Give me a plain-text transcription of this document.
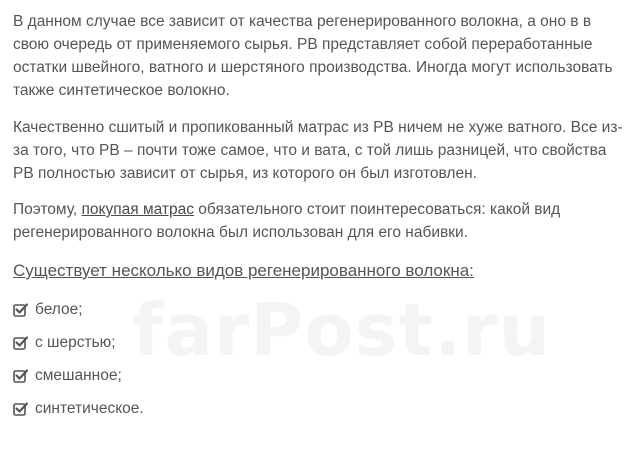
В данном случае все зависит от качества регенерированного волокна, а оно в в свою очередь от применяемого сырья. РВ представляет собой переработанные остатки швейного, ватного и шерстяного производства. Иногда могут использовать также синтетическое волокно.

Качественно сшитый и пропикованный матрас из РВ ничем не хуже ватного. Все из-за того, что РВ – почти тоже самое, что и вата, с той лишь разницей, что свойства РВ полностью зависит от сырья, из которого он был изготовлен.

Поэтому, покупая матрас обязательного стоит поинтересоваться: какой вид регенерированного волокна был использован для его набивки.

Существует несколько видов регенерированного волокна:
белое;
с шерстью;
смешанное;
синтетическое.
